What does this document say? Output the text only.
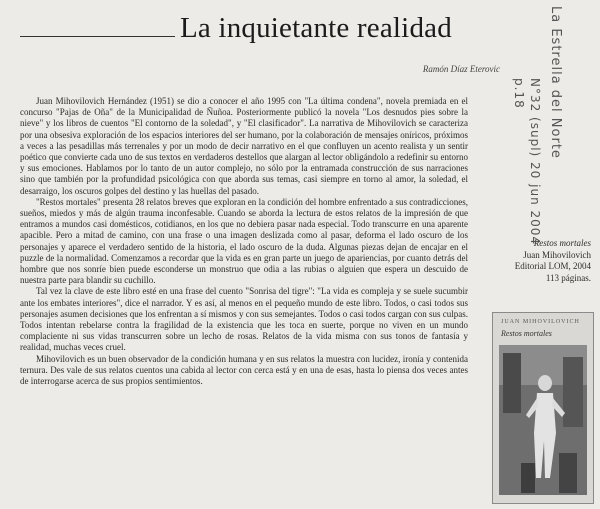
La inquietante realidad
Ramón Díaz Eterovic

Juan Mihovilovich Hernández (1951) se dio a conocer el año 1995 con "La última condena", novela premiada en el concurso "Pajas de Oña" de la Municipalidad de Ñuñoa. Posteriormente publicó la novela "Los desnudos pies sobre la nieve" y los libros de cuentos "El contorno de la soledad", y "El clasificador". La narrativa de Mihovilovich se caracteriza por una obsesiva exploración de los espacios interiores del ser humano, por la colaboración de mensajes oníricos, próximos a veces a las pesadillas más terrenales y por un modo de decir narrativo en el que confluyen un acento realista y un sentir poético que convierte cada uno de sus textos en verdaderos destellos que alargan al lector obligándolo a redefinir su entorno y sus emociones. Hablamos por lo tanto de un autor complejo, no sólo por la entramada construcción de sus narraciones sino que también por la profundidad psicológica con que aborda sus temas, casi siempre en torno al amor, la soledad, el desarraigo, los oscuros golpes del destino y las huellas del pasado.

"Restos mortales" presenta 28 relatos breves que exploran en la condición del hombre enfrentado a sus contradicciones, sueños, miedos y más de algún trauma inconfesable. Cuando se aborda la lectura de estos relatos de la impresión de que entramos a mundos casi domésticos, cotidianos, en los que no debiera pasar nada especial. Todo transcurre en una aparente apacible. Pero a mitad de camino, con una frase o una imagen deslizada como al pasar, deforma el lado oscuro de los personajes y aparece el verdadero sentido de la historia, el lado oscuro de la duda. Algunas piezas dejan de encajar en el puzzle de la normalidad. Comenzamos a recordar que la vida es en gran parte un juego de apariencias, por cuanto detrás del hombre que nos sonríe bien puede esconderse un monstruo que odia a las rubias o alguien que espera un descuido de nuestra parte para blandir su cuchillo.

Tal vez la clave de este libro esté en una frase del cuento "Sonrisa del tigre": "La vida es compleja y se suele sucumbir ante los embates interiores", dice el narrador. Y es así, al menos en el pequeño mundo de este libro. Todos, o casi todos sus personajes asumen decisiones que los enfrentan a sí mismos y con sus semejantes. Todos o casi todos cargan con sus culpas. Todos intentan rebelarse contra la fragilidad de la existencia que les toca en suerte, porque no viven en un mundo complaciente ni sus vidas transcurren sobre un lecho de rosas. Relatos de la vida misma con sus tonos de fantasía y realidad, muchas veces cruel.

Mihovilovich es un buen observador de la condición humana y en sus relatos la muestra con lucidez, ironía y contenida ternura. Des vale de sus relatos cuentos una cabida al lector con cerca está y en una de esas, hasta lo piensa dos veces antes de interrogarse acerca de sus propios sentimientos.

Restos mortales
Juan Mihovilovich
Editorial LOM, 2004
113 páginas.
JUAN MIHOVILOVICH
Restos mortales
La Estrella del Norte
N°32 (supl) 20 jun 2004
p.18
